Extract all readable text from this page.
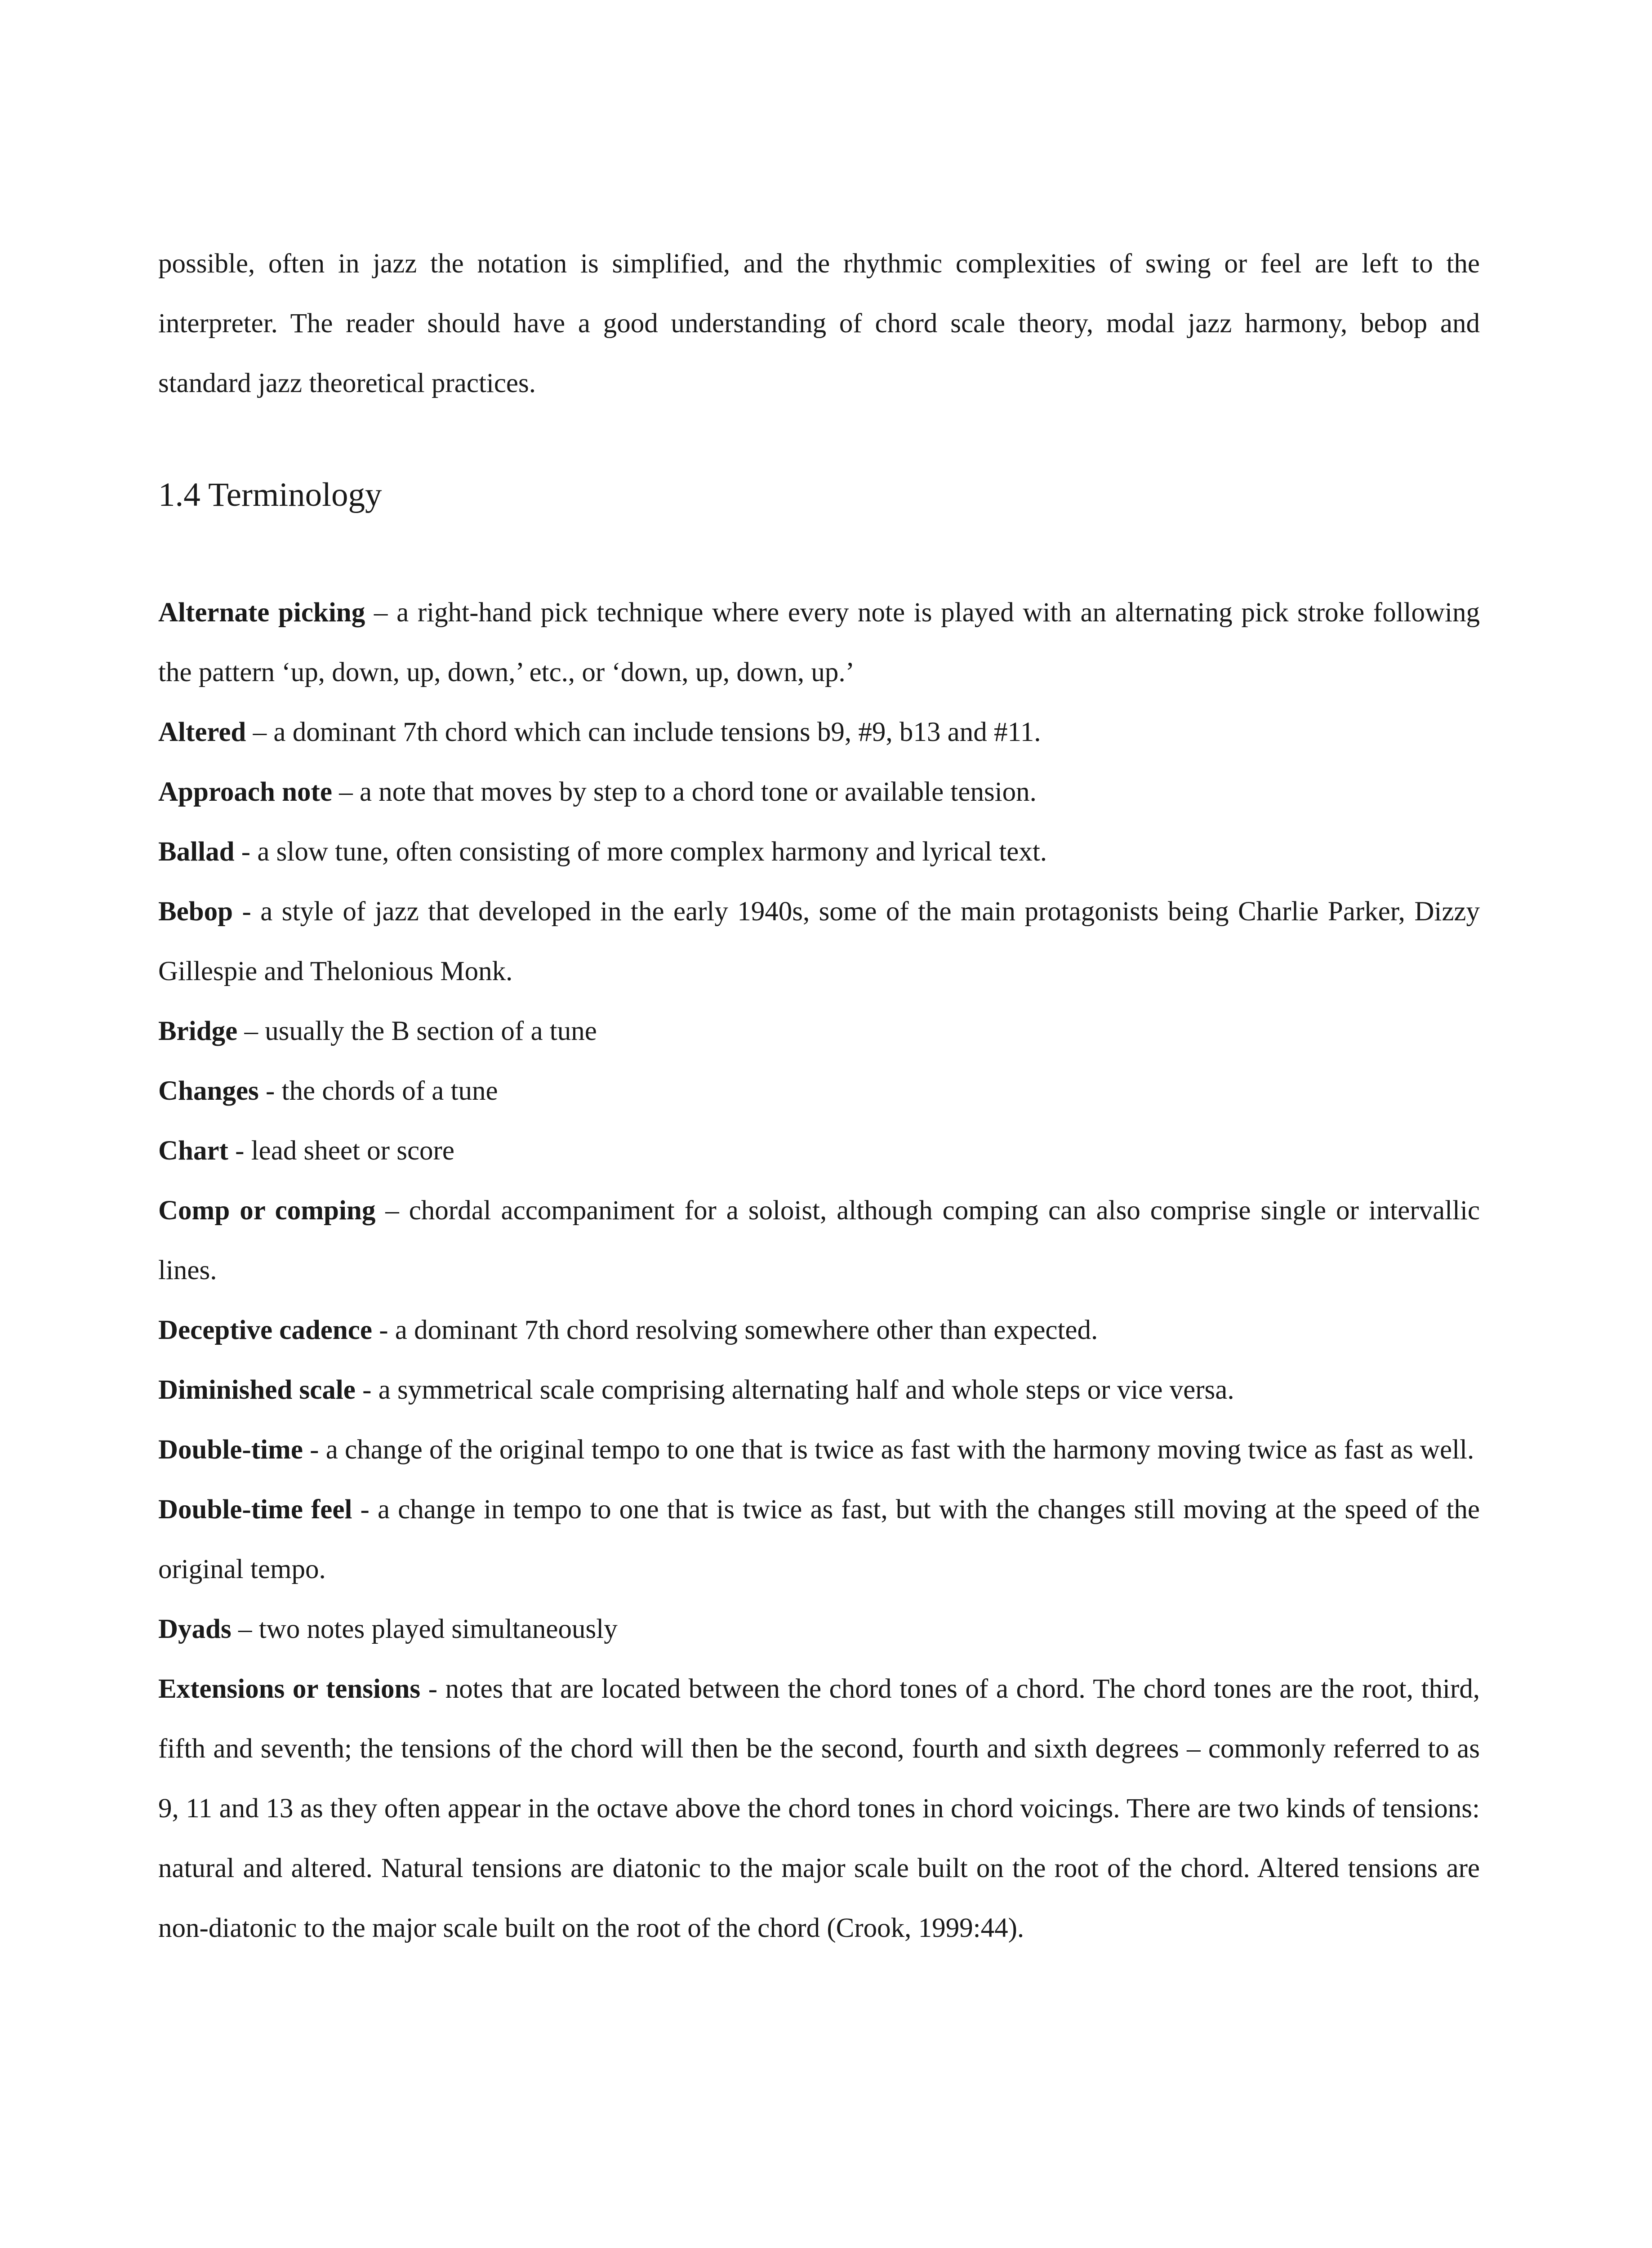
possible, often in jazz the notation is simplified, and the rhythmic complexities of swing or feel are left to the interpreter. The reader should have a good understanding of chord scale theory, modal jazz harmony, bebop and standard jazz theoretical practices.

1.4 Terminology
Alternate picking – a right-hand pick technique where every note is played with an alternating pick stroke following the pattern ‘up, down, up, down,’ etc., or ‘down, up, down, up.’
Altered – a dominant 7th chord which can include tensions b9, #9, b13 and #11.
Approach note – a note that moves by step to a chord tone or available tension.
Ballad - a slow tune, often consisting of more complex harmony and lyrical text.
Bebop - a style of jazz that developed in the early 1940s, some of the main protagonists being Charlie Parker, Dizzy Gillespie and Thelonious Monk.
Bridge – usually the B section of a tune
Changes - the chords of a tune
Chart - lead sheet or score
Comp or comping – chordal accompaniment for a soloist, although comping can also comprise single or intervallic lines.
Deceptive cadence - a dominant 7th chord resolving somewhere other than expected.
Diminished scale - a symmetrical scale comprising alternating half and whole steps or vice versa.
Double-time - a change of the original tempo to one that is twice as fast with the harmony moving twice as fast as well.
Double-time feel - a change in tempo to one that is twice as fast, but with the changes still moving at the speed of the original tempo.
Dyads – two notes played simultaneously
Extensions or tensions - notes that are located between the chord tones of a chord. The chord tones are the root, third, fifth and seventh; the tensions of the chord will then be the second, fourth and sixth degrees – commonly referred to as 9, 11 and 13 as they often appear in the octave above the chord tones in chord voicings. There are two kinds of tensions: natural and altered. Natural tensions are diatonic to the major scale built on the root of the chord. Altered tensions are non-diatonic to the major scale built on the root of the chord (Crook, 1999:44).
